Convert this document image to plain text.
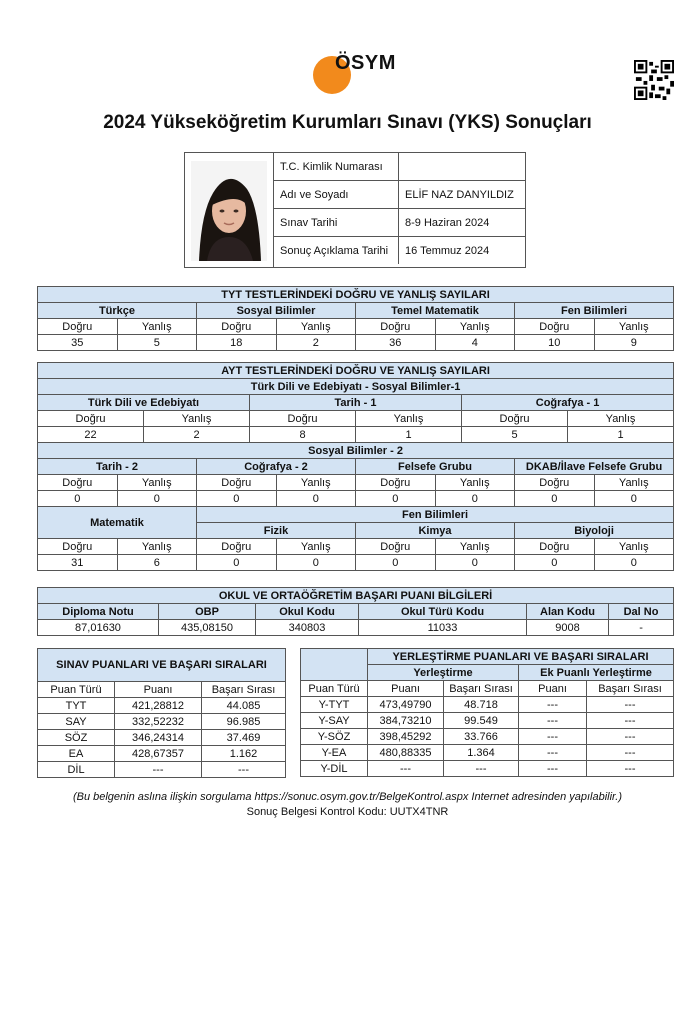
ÖSYM
2024 Yükseköğretim Kurumları Sınavı (YKS) Sonuçları
T.C. Kimlik Numarası	
Adı ve Soyadı	ELİF NAZ DANYILDIZ
Sınav Tarihi	8-9 Haziran 2024
Sonuç Açıklama Tarihi	16 Temmuz 2024
TYT TESTLERİNDEKİ DOĞRU VE YANLIŞ SAYILARI							
Türkçe		Sosyal Bilimler		Temel Matematik		Fen Bilimleri	
Doğru	Yanlış	Doğru	Yanlış	Doğru	Yanlış	Doğru	Yanlış
35	5	18	2	36	4	10	9
AYT TESTLERİNDEKİ DOĞRU VE YANLIŞ SAYILARI											
Türk Dili ve Edebiyatı - Sosyal Bilimler-1											
Türk Dili ve Edebiyatı				Tarih - 1				Coğrafya - 1			
Doğru		Yanlış		Doğru		Yanlış		Doğru		Yanlış	
22		2		8		1		5		1	
Sosyal Bilimler - 2											
Tarih - 2			Coğrafya - 2			Felsefe Grubu			DKAB/İlave Felsefe Grubu		
Doğru	Yanlış		Doğru		Yanlış	Doğru	Yanlış		Doğru		Yanlış
0	0		0		0	0	0		0		0
Matematik			Fen Bilimleri								
			Fizik			Kimya			Biyoloji		
Doğru	Yanlış		Doğru		Yanlış	Doğru	Yanlış		Doğru		Yanlış
31	6		0		0	0	0		0		0
OKUL VE ORTAÖĞRETİM BAŞARI PUANI BİLGİLERİ					
Diploma Notu	OBP	Okul Kodu	Okul Türü Kodu	Alan Kodu	Dal No
87,01630	435,08150	340803	11033	9008	-
SINAV PUANLARI VE BAŞARI SIRALARI		
Puan Türü	Puanı	Başarı Sırası
TYT	421,28812	44.085
SAY	332,52232	96.985
SÖZ	346,24314	37.469
EA	428,67357	1.162
DİL	---	---
	YERLEŞTİRME PUANLARI VE BAŞARI SIRALARI			
	Yerleştirme		Ek Puanlı Yerleştirme	
Puan Türü	Puanı	Başarı Sırası	Puanı	Başarı Sırası
Y-TYT	473,49790	48.718	---	---
Y-SAY	384,73210	99.549	---	---
Y-SÖZ	398,45292	33.766	---	---
Y-EA	480,88335	1.364	---	---
Y-DİL	---	---	---	---
(Bu belgenin aslına ilişkin sorgulama https://sonuc.osym.gov.tr/BelgeKontrol.aspx Internet adresinden yapılabilir.)
Sonuç Belgesi Kontrol Kodu: UUTX4TNR
